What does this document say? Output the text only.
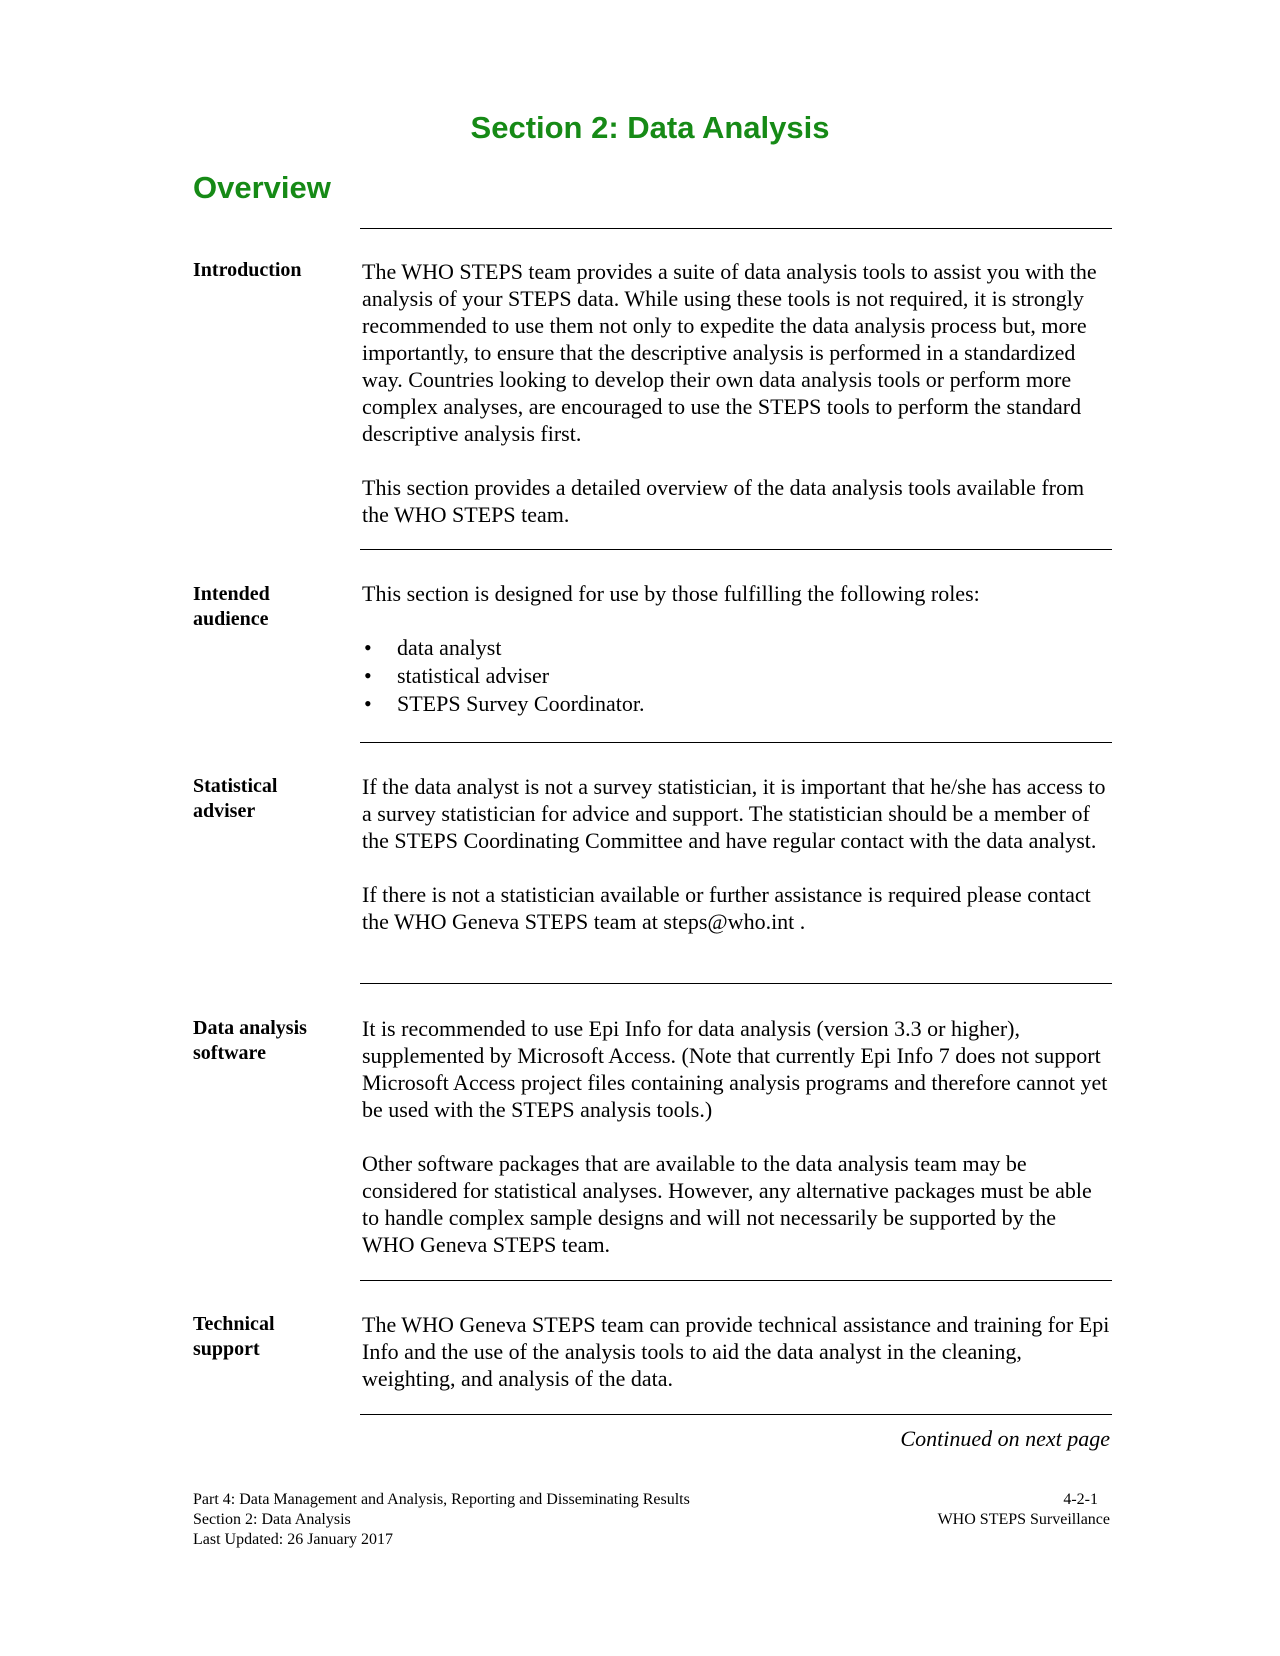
Section 2: Data Analysis
Overview
Introduction	The WHO STEPS team provides a suite of data analysis tools to assist you with the analysis of your STEPS data. While using these tools is not required, it is strongly recommended to use them not only to expedite the data analysis process but, more importantly, to ensure that the descriptive analysis is performed in a standardized way. Countries looking to develop their own data analysis tools or perform more complex analyses, are encouraged to use the STEPS tools to perform the standard descriptive analysis first.

This section provides a detailed overview of the data analysis tools available from the WHO STEPS team.

Intended
audience

This section is designed for use by those fulfilling the following roles:

• data analyst
• statistical adviser
• STEPS Survey Coordinator.
Statistical
adviser

If the data analyst is not a survey statistician, it is important that he/she has access to a survey statistician for advice and support. The statistician should be a member of the STEPS Coordinating Committee and have regular contact with the data analyst.

If there is not a statistician available or further assistance is required please contact the WHO Geneva STEPS team at steps@who.int .

Data analysis
software

It is recommended to use Epi Info for data analysis (version 3.3 or higher), supplemented by Microsoft Access. (Note that currently Epi Info 7 does not support Microsoft Access project files containing analysis programs and therefore cannot yet be used with the STEPS analysis tools.)

Other software packages that are available to the data analysis team may be considered for statistical analyses. However, any alternative packages must be able to handle complex sample designs and will not necessarily be supported by the WHO Geneva STEPS team.

Technical
support

The WHO Geneva STEPS team can provide technical assistance and training for Epi Info and the use of the analysis tools to aid the data analyst in the cleaning, weighting, and analysis of the data.

Continued on next page
Part 4: Data Management and Analysis, Reporting and Disseminating Results
Section 2: Data Analysis
Last Updated: 26 January 2017
4-2-1
WHO STEPS Surveillance
